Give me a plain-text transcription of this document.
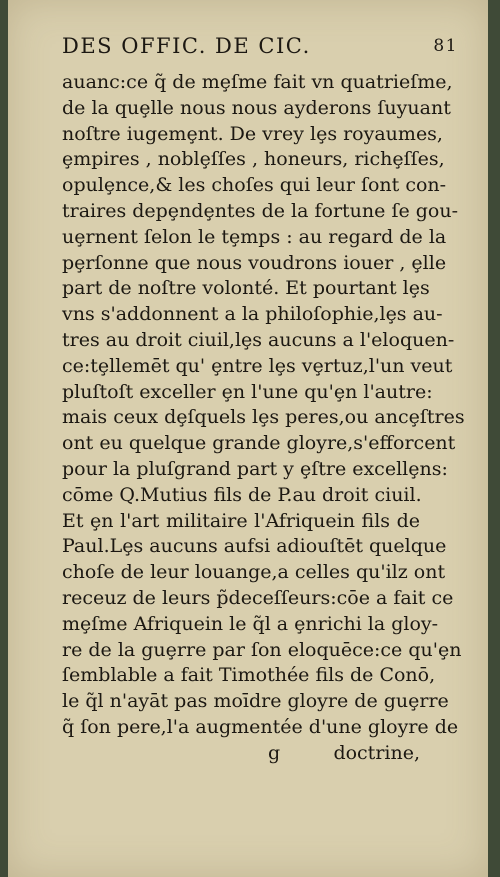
DES OFFIC. DE CIC.	81
auanc:ce q̃ de mȩſme fait vn quatrieſme,
de la quȩlle nous nous ayderons ſuyuant
noſtre iugemȩnt. De vrey lȩs royaumes,
ȩmpires , noblȩſſes , honeurs, richȩſſes,
opulȩnce,& les choſes qui leur ſont con-
traires depȩndȩntes de la fortune ſe gou-
uȩrnent ſelon le tȩmps : au regard de la
pȩrſonne que nous voudrons iouer , ȩlle
part de noſtre volonté. Et pourtant lȩs
vns s'addonnent a la philoſophie,lȩs au-
tres au droit ciuil,lȩs aucuns a l'eloquen-
ce:tȩllemēt qu' ȩntre lȩs vȩrtuz,l'un veut
pluſtoſt exceller ȩn l'une qu'ȩn l'autre:
mais ceux dȩſquels lȩs peres,ou ancȩſtres
ont eu quelque grande gloyre,s'efforcent
pour la pluſgrand part y ȩſtre excellȩns:
cōme Q.Mutius fils de P.au droit ciuil.
Et ȩn l'art militaire l'Afriquein fils de
Paul.Lȩs aucuns aufsi adiouſtēt quelque
choſe de leur louange,a celles qu'ilz ont
receuz de leurs p̃deceſſeurs:cōe a fait ce
mȩſme Afriquein le q̃l a ȩnrichi la gloy-
re de la guȩrre par ſon eloquēce:ce qu'ȩn
ſemblable a fait Timothée fils de Conō,
le q̃l n'ayāt pas moīdre gloyre de guȩrre
q̃ ſon pere,l'a augmentée d'une gloyre de
g	doctrine,
